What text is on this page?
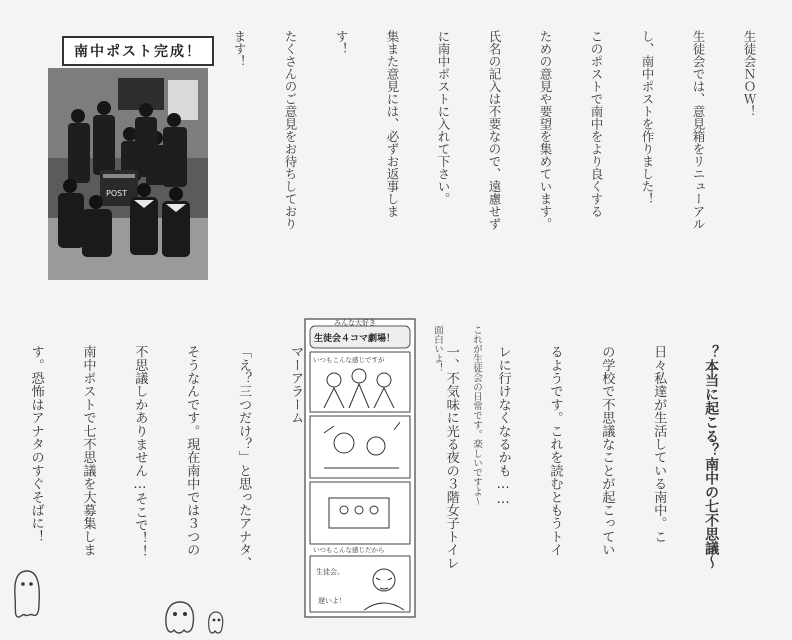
南中ポスト完成！
POST

生徒会ＮＯＷ！

生徒会では、意見箱をリニューアル

し、南中ポストを作りました！

このポストで南中をより良くする

ための意見や要望を集めています。

氏名の記入は不要なので、遠慮せず

に南中ポストに入れて下さい。

集また意見には、必ずお返事しま

す！

たくさんのご意見をお待ちしており

ます！

？本当に起こる？南中の七不思議〜

日々私達が生活している南中。こ

の学校で不思議なことが起こってい

るようです。これを読むともうトイ

レに行けなくなるかも……

一、不気味に光る夜の３階女子トイレ

マーアラーム

「え？三つだけ？」と思ったアナタ、

そうなんです。現在南中では３つの

不思議しかありません…そこで！！

南中ポストで七不思議を大募集しま

す。恐怖はアナタのすぐそばに！

みんな大好き
生徒会４コマ劇場！
いつもこんな感じですが
いつもこんな感じだから
生徒会。
遅いよ！

これが生徒会の日常です。楽しいですよ〜

面白いよ！
